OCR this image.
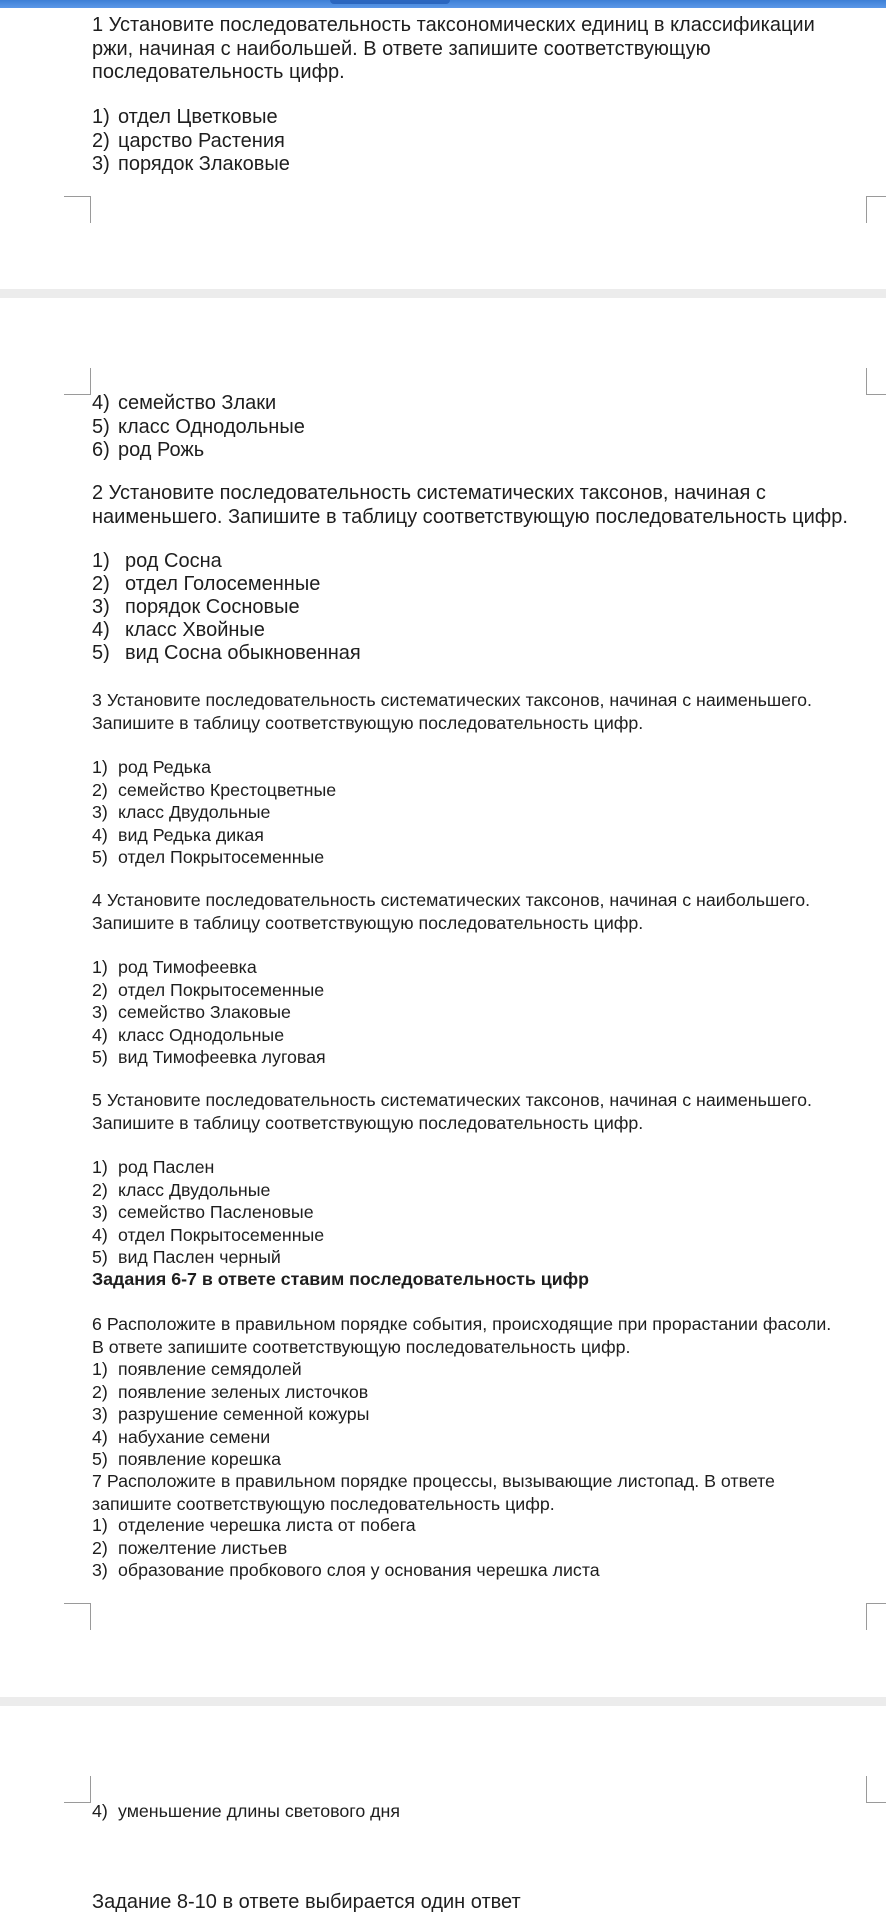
1 Установите последовательность таксономических единиц в классификации
ржи, начиная с наибольшей. В ответе запишите соответствующую
последовательность цифр.
1) отдел Цветковые
2) царство Растения
3) порядок Злаковые
4) семейство Злаки
5) класс Однодольные
6) род Рожь
2 Установите последовательность систематических таксонов, начиная с
наименьшего. Запишите в таблицу соответствующую последовательность цифр.
1) род Сосна
2) отдел Голосеменные
3) порядок Сосновые
4) класс Хвойные
5) вид Сосна обыкновенная
3 Установите последовательность систематических таксонов, начиная с наименьшего.
Запишите в таблицу соответствующую последовательность цифр.
1) род Редька
2) семейство Крестоцветные
3) класс Двудольные
4) вид Редька дикая
5) отдел Покрытосеменные
4 Установите последовательность систематических таксонов, начиная с наибольшего.
Запишите в таблицу соответствующую последовательность цифр.
1) род Тимофеевка
2) отдел Покрытосеменные
3) семейство Злаковые
4) класс Однодольные
5) вид Тимофеевка луговая
5 Установите последовательность систематических таксонов, начиная с наименьшего.
Запишите в таблицу соответствующую последовательность цифр.
1) род Паслен
2) класс Двудольные
3) семейство Пасленовые
4) отдел Покрытосеменные
5) вид Паслен черный
Задания 6-7 в ответе ставим последовательность цифр
6 Расположите в правильном порядке события, происходящие при прорастании фасоли.
В ответе запишите соответствующую последовательность цифр.
1) появление семядолей
2) появление зеленых листочков
3) разрушение семенной кожуры
4) набухание семени
5) появление корешка
7 Расположите в правильном порядке процессы, вызывающие листопад. В ответе
запишите соответствующую последовательность цифр.
1) отделение черешка листа от побега
2) пожелтение листьев
3) образование пробкового слоя у основания черешка листа
4) уменьшение длины светового дня
Задание 8-10 в ответе выбирается один ответ
